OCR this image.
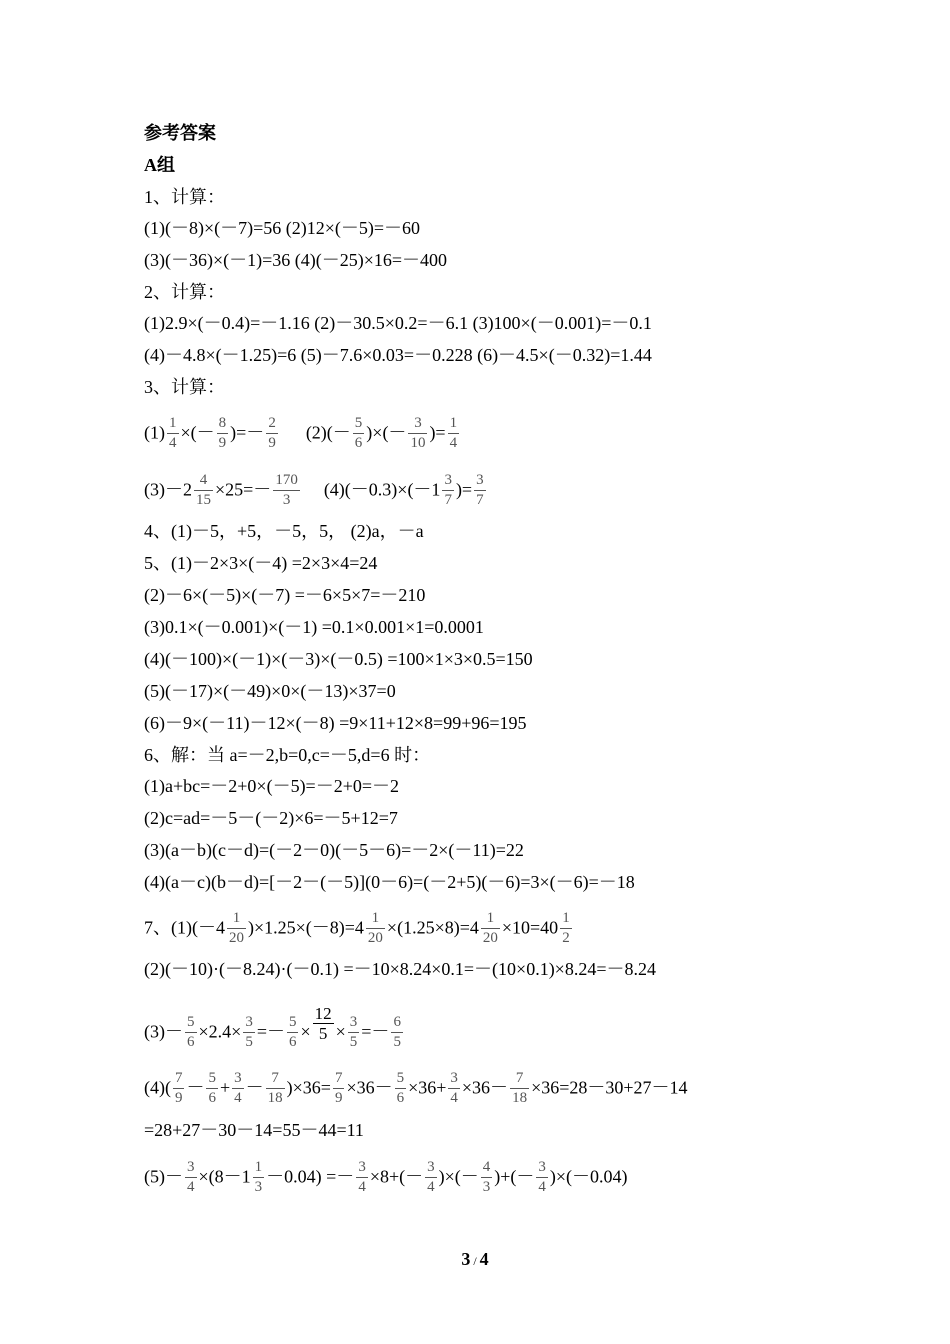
参考答案
A组
1、计算：
(1)(－8)×(－7)=56 (2)12×(－5)=－60
(3)(－36)×(－1)=36 (4)(－25)×16=－400
2、计算：
(1)2.9×(－0.4)=－1.16 (2)－30.5×0.2=－6.1 (3)100×(－0.001)=－0.1
(4)－4.8×(－1.25)=6 (5)－7.6×0.03=－0.228 (6)－4.5×(－0.32)=1.44
3、计算：
$(1) \frac{1}{4}$ ×(－ $\frac{8}{9}$ )=－ $\frac{2}{9} (2)(- \frac{5}{6}$ )×(－ $\frac{3}{10}$ )= $\frac{1}{4}$
$(3)-2 \frac{4}{15} \times 25=- \frac{170}{3} (4)(-0.3)\times(-1 \frac{3}{7}$ )= $\frac{3}{7}$
4、(1)－5，+5，－5，5， (2)a，－a
5、(1)－2×3×(－4) =2×3×4=24
(2)－6×(－5)×(－7) =－6×5×7=－210
(3)0.1×(－0.001)×(－1) =0.1×0.001×1=0.0001
(4)(－100)×(－1)×(－3)×(－0.5) =100×1×3×0.5=150
(5)(－17)×(－49)×0×(－13)×37=0
(6)－9×(－11)－12×(－8) =9×11+12×8=99+96=195
6、解：当 a=－2,b=0,c=－5,d=6 时：
(1)a+bc=－2+0×(－5)=－2+0=－2
(2)c=ad=－5－(－2)×6=－5+12=7
(3)(a－b)(c－d)=(－2－0)(－5－6)=－2×(－11)=22
(4)(a－c)(b－d)=[－2－(－5)](0－6)=(－2+5)(－6)=3×(－6)=－18
7、$(1)(-4 \frac{1}{20} )\times 1.25\times(-8)=4 \frac{1}{20} \times(1.25\times 8)=4 \frac{1}{20} \times 10=40 \frac{1}{2}$
(2)(－10)·(－8.24)·(－0.1) =－10×8.24×0.1=－(10×0.1)×8.24=－8.24
$(3)- \frac{5}{6} \times 2.4\times \frac{3}{5} =- \frac{5}{6} \times \frac{12}{5} \times \frac{3}{5} =- \frac{6}{5}$
$(4)( \frac{7}{9} - \frac{5}{6} + \frac{3}{4} - \frac{7}{18} )\times 36= \frac{7}{9} \times 36- \frac{5}{6} \times 36+ \frac{3}{4} \times 36- \frac{7}{18} \times 36=28-30+27-14$
=28+27－30－14=55－44=11
$(5)- \frac{3}{4} \times(8-1 \frac{1}{3} -0.04) =- \frac{3}{4} \times 8+(- \frac{3}{4}$ )×(－ $\frac{4}{3}$ )+(－ $\frac{3}{4} )\times(-0.04)$
3 / 4
